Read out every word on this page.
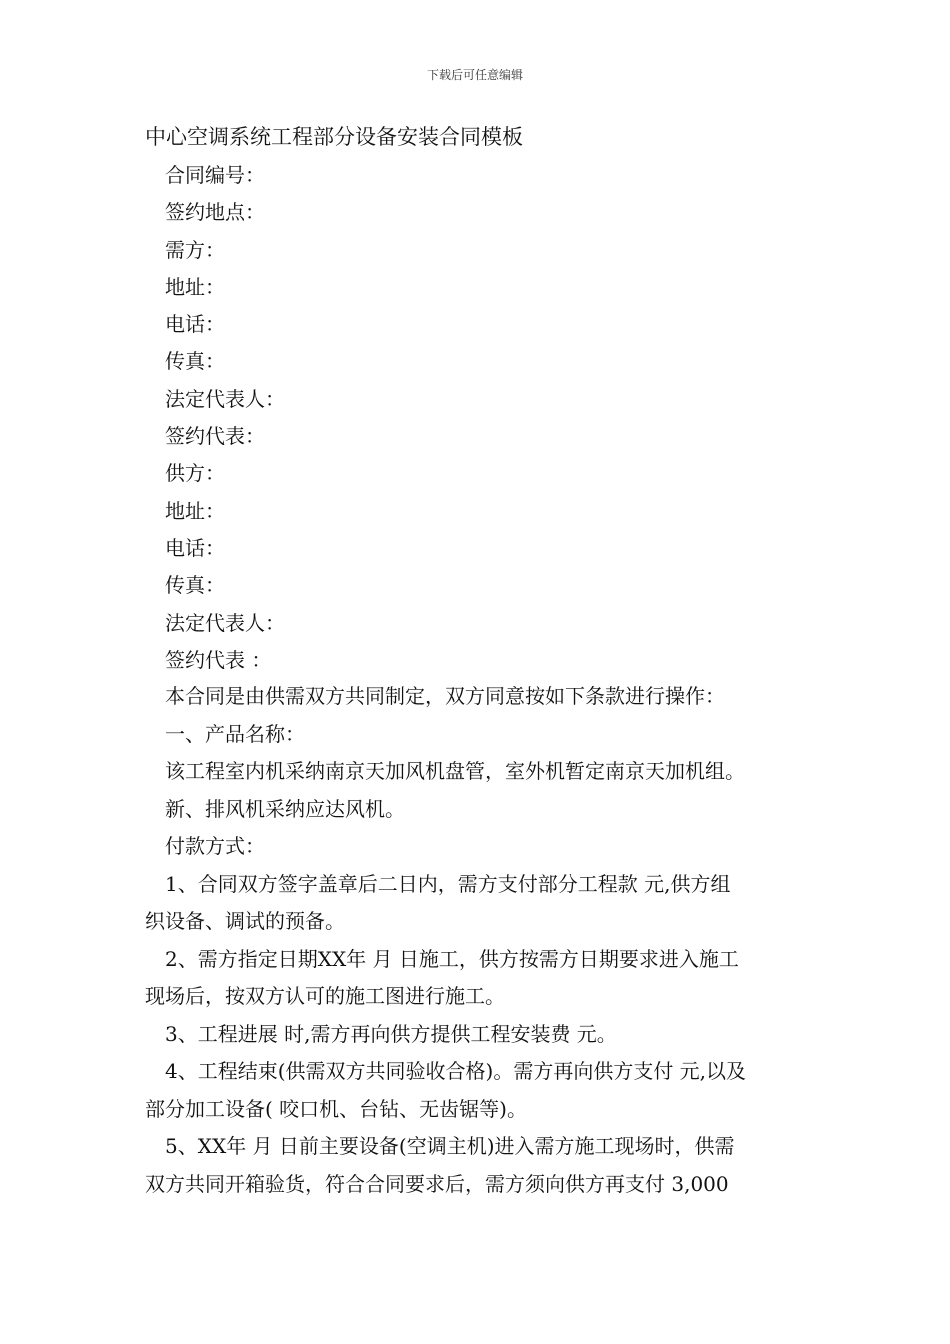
下载后可任意编辑
中心空调系统工程部分设备安装合同模板
合同编号：
签约地点：
需方：
地址：
电话：
传真：
法定代表人：
签约代表：
供方：
地址：
电话：
传真：
法定代表人：
签约代表 ：

本合同是由供需双方共同制定，双方同意按如下条款进行操作：

一、产品名称：

该工程室内机采纳南京天加风机盘管，室外机暂定南京天加机组。

新、排风机采纳应达风机。

付款方式：

1、合同双方签字盖章后二日内，需方支付部分工程款 元,供方组
织设备、调试的预备。
2、需方指定日期XX年 月 日施工，供方按需方日期要求进入施工
现场后，按双方认可的施工图进行施工。
3、工程进展 时,需方再向供方提供工程安装费 元。
4、工程结束(供需双方共同验收合格)。需方再向供方支付 元,以及
部分加工设备( 咬口机、台钻、无齿锯等)。
5、XX年 月 日前主要设备(空调主机)进入需方施工现场时，供需
双方共同开箱验货，符合合同要求后，需方须向供方再支付 3,000
